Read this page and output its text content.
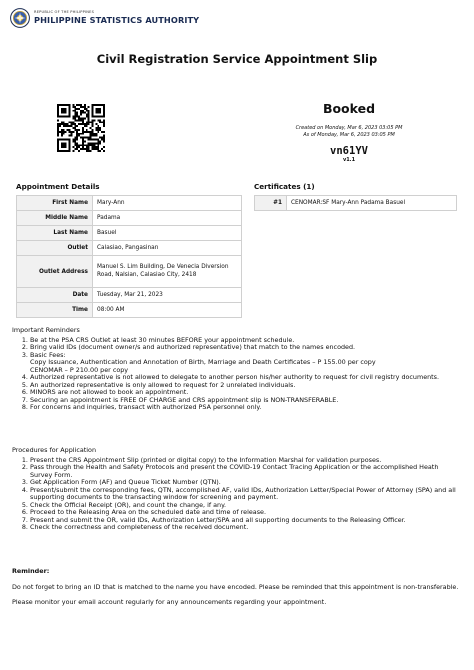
REPUBLIC OF THE PHILIPPINES
PHILIPPINE STATISTICS AUTHORITY
Civil Registration Service Appointment Slip
Booked
Created on Monday, Mar 6, 2023 03:05 PM
As of Monday, Mar 6, 2023 03:05 PM
vn61YV
v1.1
Appointment Details
First Name	Mary-Ann
Middle Name	Padama
Last Name	Basuel
Outlet	Calasiao, Pangasinan
Outlet Address	Manuel S. Lim Building, De Venecia Diversion Road, Nalsian, Calasiao City, 2418
Date	Tuesday, Mar 21, 2023
Time	08:00 AM
Certificates (1)
#1	CENOMAR:SF Mary-Ann Padama Basuel

Important Reminders

1. Be at the PSA CRS Outlet at least 30 minutes BEFORE your appointment schedule.
2. Bring valid IDs (document owner/s and authorized representative) that match to the names encoded.
3. Basic Fees:
Copy Issuance, Authentication and Annotation of Birth, Marriage and Death Certificates – P 155.00 per copy
CENOMAR – P 210.00 per copy
4. Authorized representative is not allowed to delegate to another person his/her authority to request for civil registry documents.
5. An authorized representative is only allowed to request for 2 unrelated individuals.
6. MINORS are not allowed to book an appointment.
7. Securing an appointment is FREE OF CHARGE and CRS appointment slip is NON-TRANSFERABLE.
8. For concerns and inquiries, transact with authorized PSA personnel only.

Procedures for Application

1. Present the CRS Appointment Slip (printed or digital copy) to the Information Marshal for validation purposes.
2. Pass through the Health and Safety Protocols and present the COVID-19 Contact Tracing Application or the accomplished Heath Survey Form.
3. Get Application Form (AF) and Queue Ticket Number (QTN).
4. Present/submit the corresponding fees, QTN, accomplished AF, valid IDs, Authorization Letter/Special Power of Attorney (SPA) and all supporting documents to the transacting window for screening and payment.
5. Check the Official Receipt (OR), and count the change, if any.
6. Proceed to the Releasing Area on the scheduled date and time of release.
7. Present and submit the OR, valid IDs, Authorization Letter/SPA and all supporting documents to the Releasing Officer.
8. Check the correctness and completeness of the received document.

Reminder:

Do not forget to bring an ID that is matched to the name you have encoded. Please be reminded that this appointment is non-transferable.

Please monitor your email account regularly for any announcements regarding your appointment.
